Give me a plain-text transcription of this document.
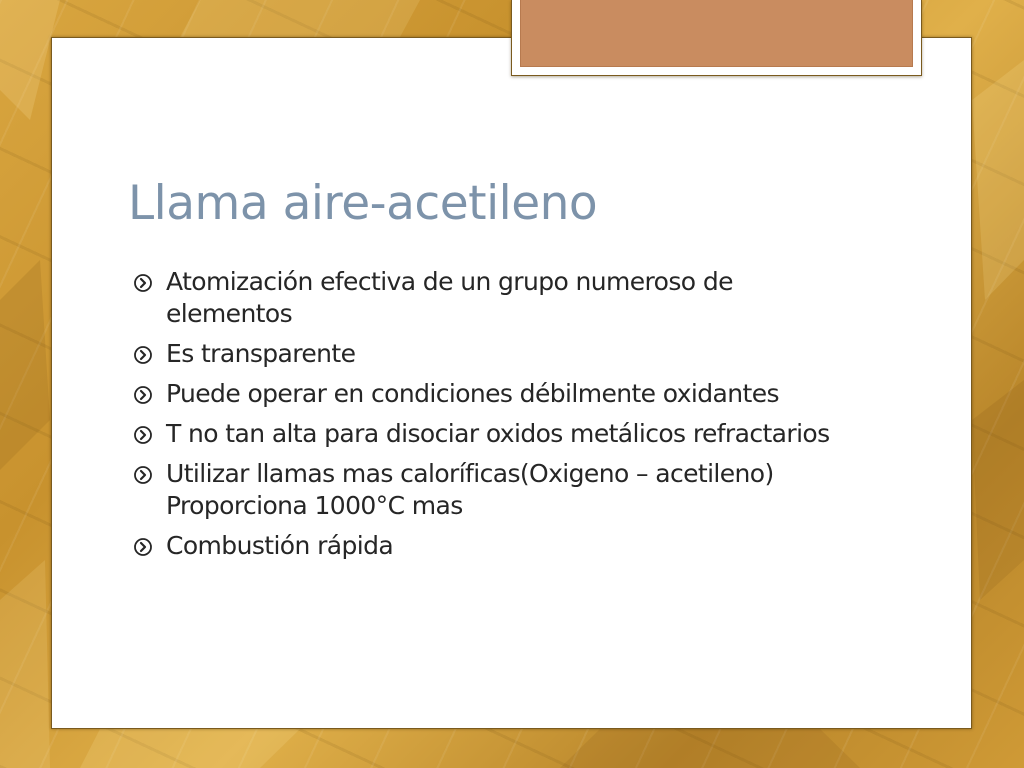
Llama aire-acetileno
Atomización efectiva de un grupo numeroso de elementos
Es transparente
Puede operar en condiciones débilmente oxidantes
T no tan alta para disociar oxidos metálicos refractarios
Utilizar llamas mas caloríficas(Oxigeno – acetileno) Proporciona 1000°C mas
Combustión rápida
